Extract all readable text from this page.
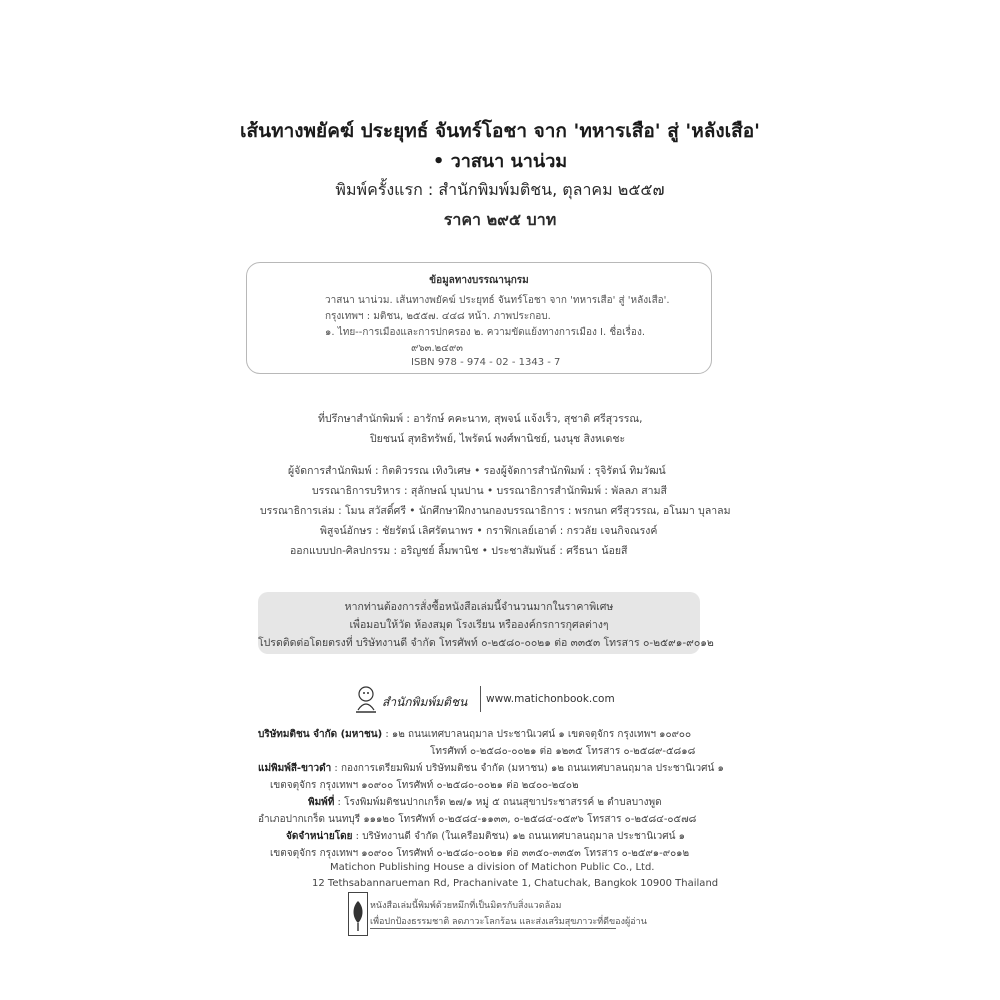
เส้นทางพยัคฆ์ ประยุทธ์ จันทร์โอชา จาก 'ทหารเสือ' สู่ 'หลังเสือ'
• วาสนา นาน่วม
พิมพ์ครั้งแรก : สำนักพิมพ์มติชน, ตุลาคม ๒๕๕๗
ราคา ๒๙๕ บาท
ข้อมูลทางบรรณานุกรม
วาสนา นาน่วม. เส้นทางพยัคฆ์ ประยุทธ์ จันทร์โอชา จาก 'ทหารเสือ' สู่ 'หลังเสือ'.
กรุงเทพฯ : มติชน, ๒๕๕๗. ๔๔๘ หน้า. ภาพประกอบ.
๑. ไทย--การเมืองและการปกครอง ๒. ความขัดแย้งทางการเมือง I. ชื่อเรื่อง.
๙๖๓.๒๔๙๓
ISBN 978 - 974 - 02 - 1343 - 7
ที่ปรึกษาสำนักพิมพ์ : อารักษ์ คคะนาท, สุพจน์ แจ้งเร็ว, สุชาติ ศรีสุวรรณ,
ปิยชนน์ สุทธิทรัพย์, ไพรัตน์ พงศ์พานิชย์, นงนุช สิงหเดชะ
ผู้จัดการสำนักพิมพ์ : กิตติวรรณ เทิงวิเศษ • รองผู้จัดการสำนักพิมพ์ : รุจิรัตน์ ทิมวัฒน์
บรรณาธิการบริหาร : สุลักษณ์ บุนปาน • บรรณาธิการสำนักพิมพ์ : พัลลภ สามสี
บรรณาธิการเล่ม : โมน สวัสดิ์ศรี • นักศึกษาฝึกงานกองบรรณาธิการ : พรกนก ศรีสุวรรณ, อโนมา บุลาลม
พิสูจน์อักษร : ชัยรัตน์ เลิศรัตนาพร • กราฟิกเลย์เอาต์ : กรวลัย เจนกิจณรงค์
ออกแบบปก-ศิลปกรรม : อริญชย์ ลิ้มพานิช • ประชาสัมพันธ์ : ศรีธนา น้อยสี
หากท่านต้องการสั่งซื้อหนังสือเล่มนี้จำนวนมากในราคาพิเศษ
เพื่อมอบให้วัด ห้องสมุด โรงเรียน หรือองค์กรการกุศลต่างๆ
โปรดติดต่อโดยตรงที่ บริษัทงานดี จำกัด โทรศัพท์ ๐-๒๕๘๐-๐๐๒๑ ต่อ ๓๓๕๓ โทรสาร ๐-๒๕๙๑-๙๐๑๒
สำนักพิมพ์มติชน www.matichonbook.com
บริษัทมติชน จำกัด (มหาชน) : ๑๒ ถนนเทศบาลนฤมาล ประชานิเวศน์ ๑ เขตจตุจักร กรุงเทพฯ ๑๐๙๐๐
โทรศัพท์ ๐-๒๕๘๐-๐๐๒๑ ต่อ ๑๒๓๕ โทรสาร ๐-๒๕๘๙-๕๘๑๘
แม่พิมพ์สี-ขาวดำ : กองการเตรียมพิมพ์ บริษัทมติชน จำกัด (มหาชน) ๑๒ ถนนเทศบาลนฤมาล ประชานิเวศน์ ๑
เขตจตุจักร กรุงเทพฯ ๑๐๙๐๐ โทรศัพท์ ๐-๒๕๘๐-๐๐๒๑ ต่อ ๒๔๐๐-๒๔๐๒
พิมพ์ที่ : โรงพิมพ์มติชนปากเกร็ด ๒๗/๑ หมู่ ๕ ถนนสุขาประชาสรรค์ ๒ ตำบลบางพูด
อำเภอปากเกร็ด นนทบุรี ๑๑๑๒๐ โทรศัพท์ ๐-๒๕๘๔-๑๑๓๓, ๐-๒๕๘๔-๐๕๙๖ โทรสาร ๐-๒๕๘๔-๐๕๗๘
จัดจำหน่ายโดย : บริษัทงานดี จำกัด (ในเครือมติชน) ๑๒ ถนนเทศบาลนฤมาล ประชานิเวศน์ ๑
เขตจตุจักร กรุงเทพฯ ๑๐๙๐๐ โทรศัพท์ ๐-๒๕๘๐-๐๐๒๑ ต่อ ๓๓๕๐-๓๓๕๓ โทรสาร ๐-๒๕๙๑-๙๐๑๒
Matichon Publishing House a division of Matichon Public Co., Ltd.
12 Tethsabannarueman Rd, Prachanivate 1, Chatuchak, Bangkok 10900 Thailand
หนังสือเล่มนี้พิมพ์ด้วยหมึกที่เป็นมิตรกับสิ่งแวดล้อม
เพื่อปกป้องธรรมชาติ ลดภาวะโลกร้อน และส่งเสริมสุขภาวะที่ดีของผู้อ่าน
